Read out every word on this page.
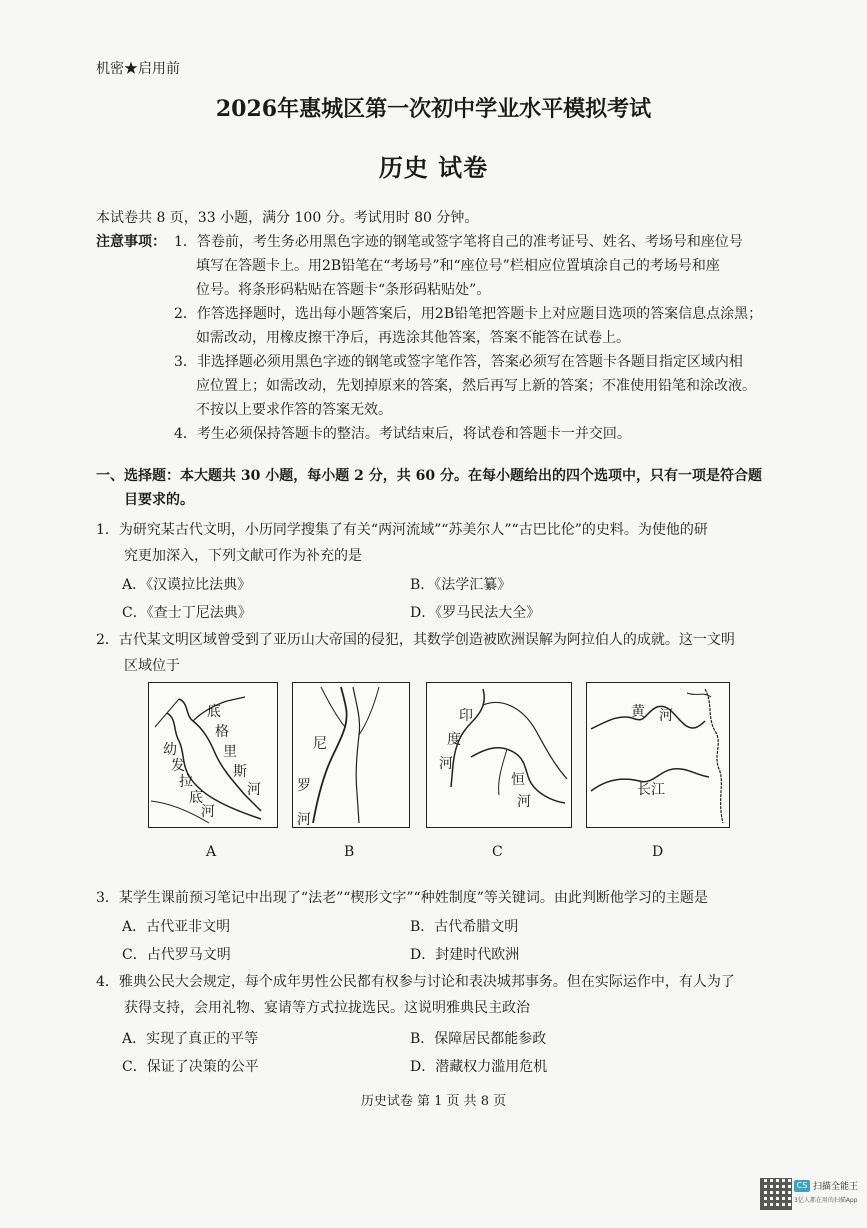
机密★启用前
2026年惠城区第一次初中学业水平模拟考试
历史 试卷
本试卷共 8 页，33 小题，满分 100 分。考试用时 80 分钟。
注意事项： 1．答卷前，考生务必用黑色字迹的钢笔或签字笔将自己的准考证号、姓名、考场号和座位号
填写在答题卡上。用2B铅笔在“考场号”和“座位号”栏相应位置填涂自己的考场号和座
位号。将条形码粘贴在答题卡“条形码粘贴处”。
2．作答选择题时，选出每小题答案后，用2B铅笔把答题卡上对应题目选项的答案信息点涂黑；
如需改动，用橡皮擦干净后，再选涂其他答案，答案不能答在试卷上。
3．非选择题必须用黑色字迹的钢笔或签字笔作答，答案必须写在答题卡各题目指定区域内相
应位置上；如需改动，先划掉原来的答案，然后再写上新的答案；不准使用铅笔和涂改液。
不按以上要求作答的答案无效。
4．考生必须保持答题卡的整洁。考试结束后，将试卷和答题卡一并交回。
一、选择题：本大题共 30 小题，每小题 2 分，共 60 分。在每小题给出的四个选项中，只有一项是符合题
目要求的。
1．为研究某古代文明，小历同学搜集了有关“两河流域”“苏美尔人”“古巴比伦”的史料。为使他的研
究更加深入，下列文献可作为补充的是
A．《汉谟拉比法典》	B．《法学汇纂》
C．《查士丁尼法典》	D．《罗马民法大全》
2．古代某文明区域曾受到了亚历山大帝国的侵犯，其数学创造被欧洲误解为阿拉伯人的成就。这一文明
区域位于
底
格
里
斯
河
幼
发
拉
底
河
A
尼
罗
河
B
印
度
河
恒
河
C
黄 河
长江
D
3．某学生课前预习笔记中出现了“法老”“楔形文字”“种姓制度”等关键词。由此判断他学习的主题是
A．古代亚非文明	B．古代希腊文明
C．占代罗马文明	D．封建时代欧洲
4．雅典公民大会规定，每个成年男性公民都有权参与讨论和表决城邦事务。但在实际运作中，有人为了
获得支持，会用礼物、宴请等方式拉拢选民。这说明雅典民主政治
A．实现了真正的平等	B．保障居民都能参政
C．保证了决策的公平	D．潜藏权力滥用危机
历史试卷 第 1 页 共 8 页
CS 扫描全能王
3亿人都在用的扫描App
